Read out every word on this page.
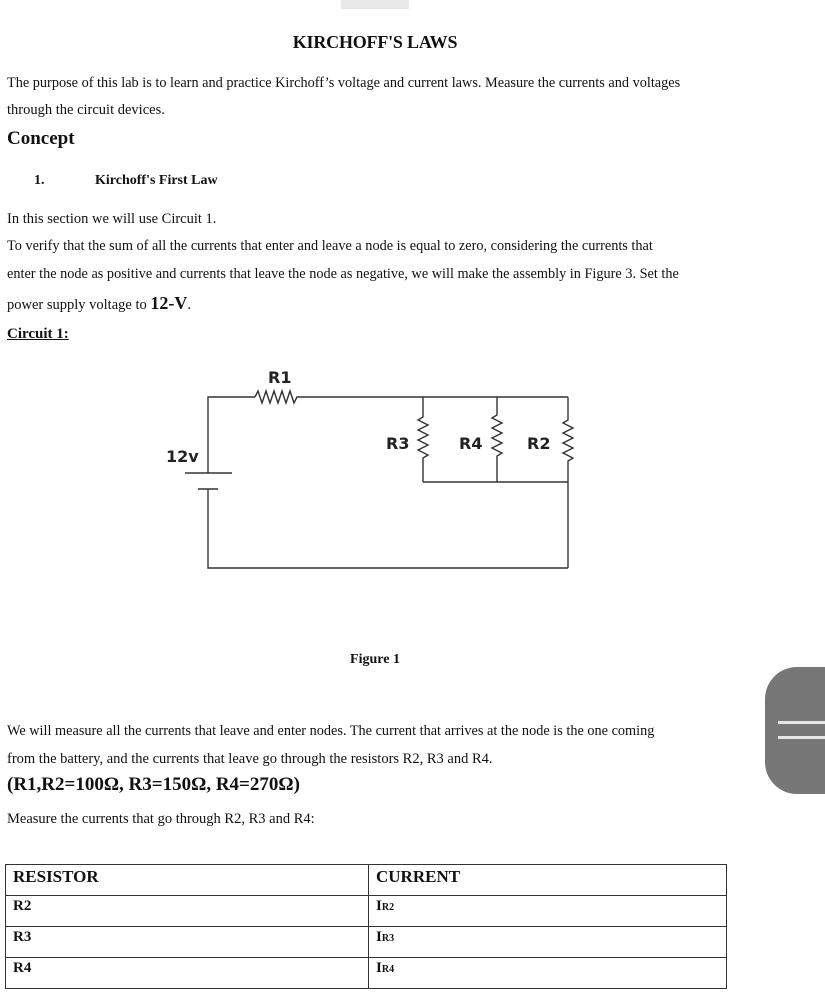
KIRCHOFF'S LAWS
The purpose of this lab is to learn and practice Kirchoff’s voltage and current laws. Measure the currents and voltages
through the circuit devices.
Concept
1.	Kirchoff's First Law
In this section we will use Circuit 1.
To verify that the sum of all the currents that enter and leave a node is equal to zero, considering the currents that
enter the node as positive and currents that leave the node as negative, we will make the assembly in Figure 3. Set the
power supply voltage to 12-V.
Circuit 1:
12v
R1
R3	R4	R2
Figure 1
We will measure all the currents that leave and enter nodes. The current that arrives at the node is the one coming
from the battery, and the currents that leave go through the resistors R2, R3 and R4.
(R1,R2=100Ω, R3=150Ω, R4=270Ω)
Measure the currents that go through R2, R3 and R4:
RESISTOR	CURRENT
R2	IR2
R3	IR3
R4	IR4
